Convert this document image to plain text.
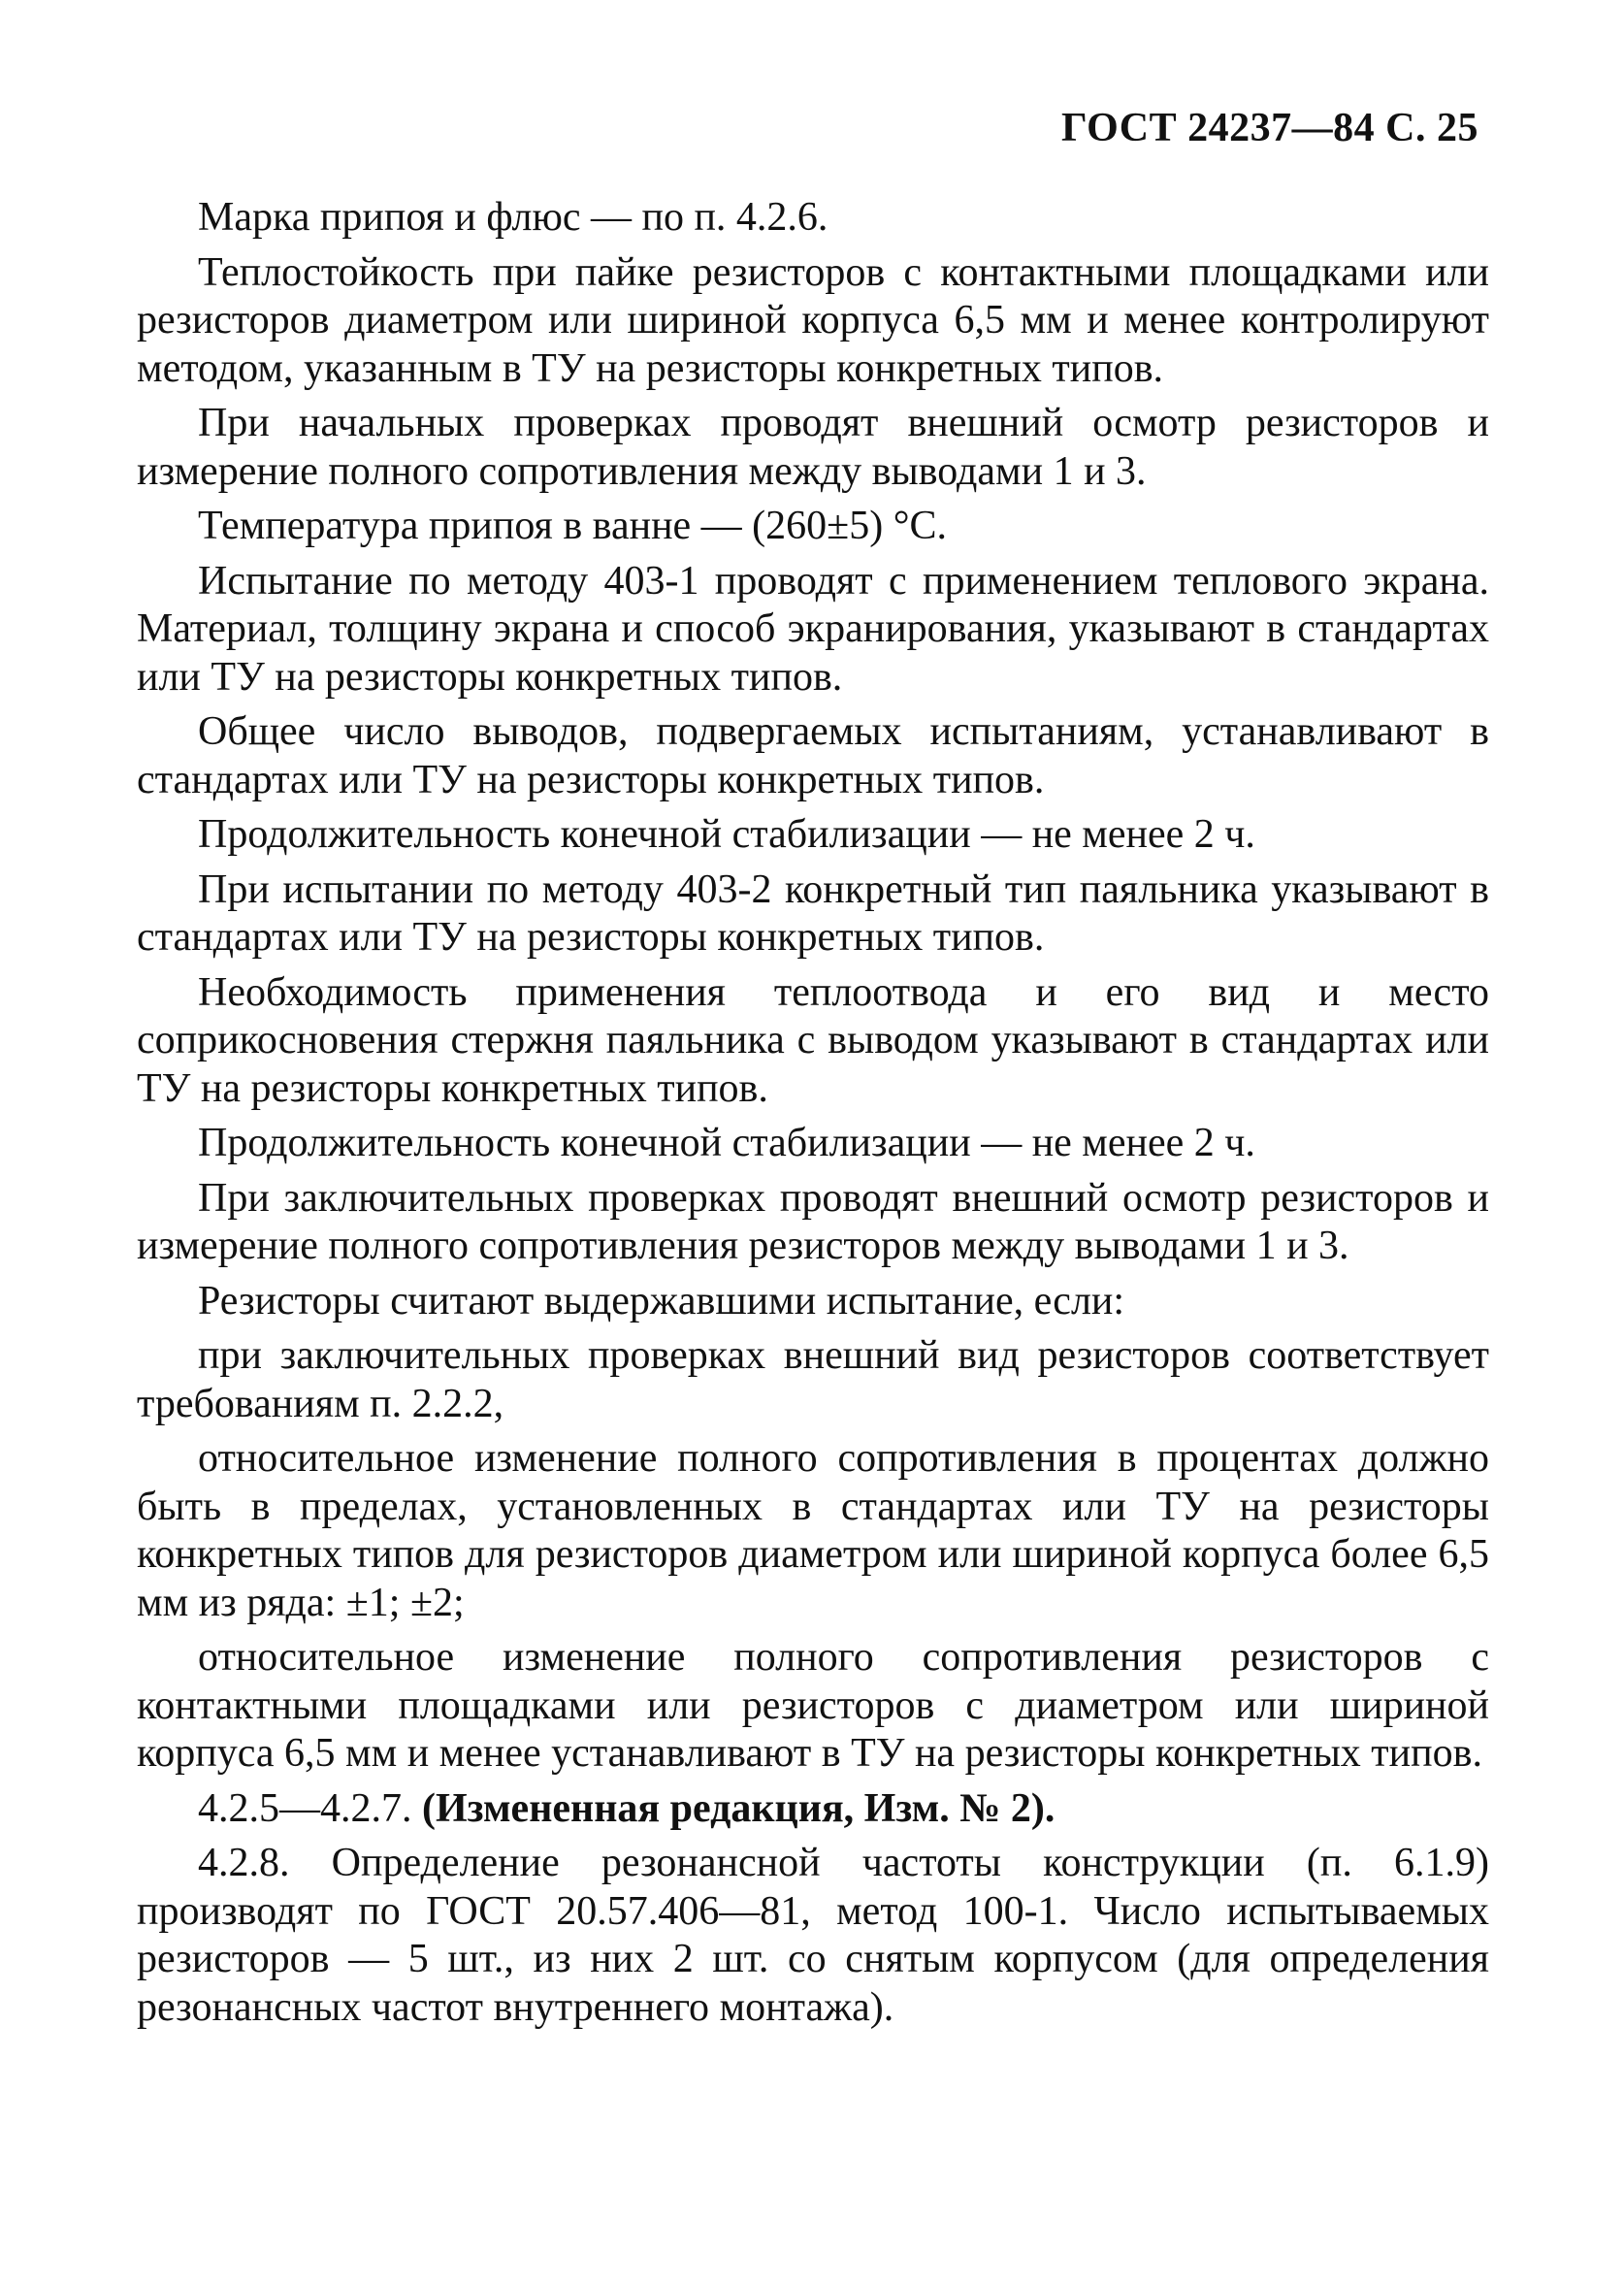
ГОСТ 24237—84 С. 25

Марка припоя и флюс — по п. 4.2.6.

Теплостойкость при пайке резисторов с контактными площадками или резисторов диаметром или шириной корпуса 6,5 мм и менее контролируют методом, указанным в ТУ на резисторы конкретных типов.

При начальных проверках проводят внешний осмотр резисторов и измерение полного сопротивления между выводами 1 и 3.

Температура припоя в ванне — (260±5) °С.

Испытание по методу 403-1 проводят с применением теплового экрана. Материал, толщину экрана и способ экранирования, указывают в стандартах или ТУ на резисторы конкретных типов.

Общее число выводов, подвергаемых испытаниям, устанавливают в стандартах или ТУ на резисторы конкретных типов.

Продолжительность конечной стабилизации — не менее 2 ч.

При испытании по методу 403-2 конкретный тип паяльника указывают в стандартах или ТУ на резисторы конкретных типов.

Необходимость применения теплоотвода и его вид и место соприкосновения стержня паяльника с выводом указывают в стандартах или ТУ на резисторы конкретных типов.

Продолжительность конечной стабилизации — не менее 2 ч.

При заключительных проверках проводят внешний осмотр резисторов и измерение полного сопротивления резисторов между выводами 1 и 3.

Резисторы считают выдержавшими испытание, если:

при заключительных проверках внешний вид резисторов соответствует требованиям п. 2.2.2,

относительное изменение полного сопротивления в процентах должно быть в пределах, установленных в стандартах или ТУ на резисторы конкретных типов для резисторов диаметром или шириной корпуса более 6,5 мм из ряда: ±1; ±2;

относительное изменение полного сопротивления резисторов с контактными площадками или резисторов с диаметром или шириной корпуса 6,5 мм и менее устанавливают в ТУ на резисторы конкретных типов.

4.2.5—4.2.7. (Измененная редакция, Изм. № 2).

4.2.8. Определение резонансной частоты конструкции (п. 6.1.9) производят по ГОСТ 20.57.406—81, метод 100-1. Число испытываемых резисторов — 5 шт., из них 2 шт. со снятым корпусом (для определения резонансных частот внутреннего монтажа).
